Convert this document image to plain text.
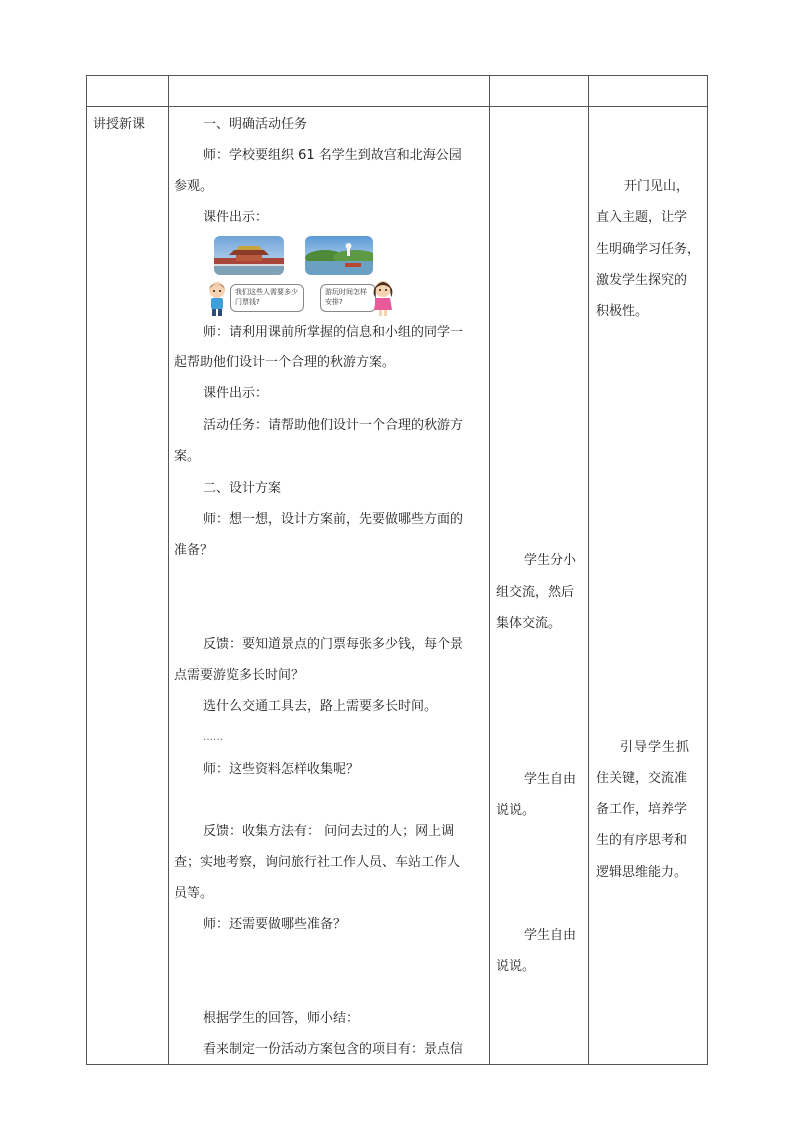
讲授新课	一、明确活动任务
师：学校要组织 61 名学生到故宫和北海公园
参观。
课件出示：
我们这些人需要多少
门票钱?
游玩时间怎样
安排?
师：请利用课前所掌握的信息和小组的同学一
起帮助他们设计一个合理的秋游方案。
课件出示：
活动任务：请帮助他们设计一个合理的秋游方
案。
二、设计方案
师：想一想，设计方案前，先要做哪些方面的
准备？
反馈：要知道景点的门票每张多少钱，每个景
点需要游览多长时间？
选什么交通工具去，路上需要多长时间。
……
师：这些资料怎样收集呢？
反馈：收集方法有： 问问去过的人；网上调
查；实地考察，询问旅行社工作人员、车站工作人
员等。
师：还需要做哪些准备？
根据学生的回答，师小结：
看来制定一份活动方案包含的项目有：景点信
学生分小
组交流，然后
集体交流。
学生自由
说说。
学生自由
说说。
开门见山，
直入主题，让学
生明确学习任务，
激发学生探究的
积极性。
引导学生抓
住关键，交流准
备工作，培养学
生的有序思考和
逻辑思维能力。
